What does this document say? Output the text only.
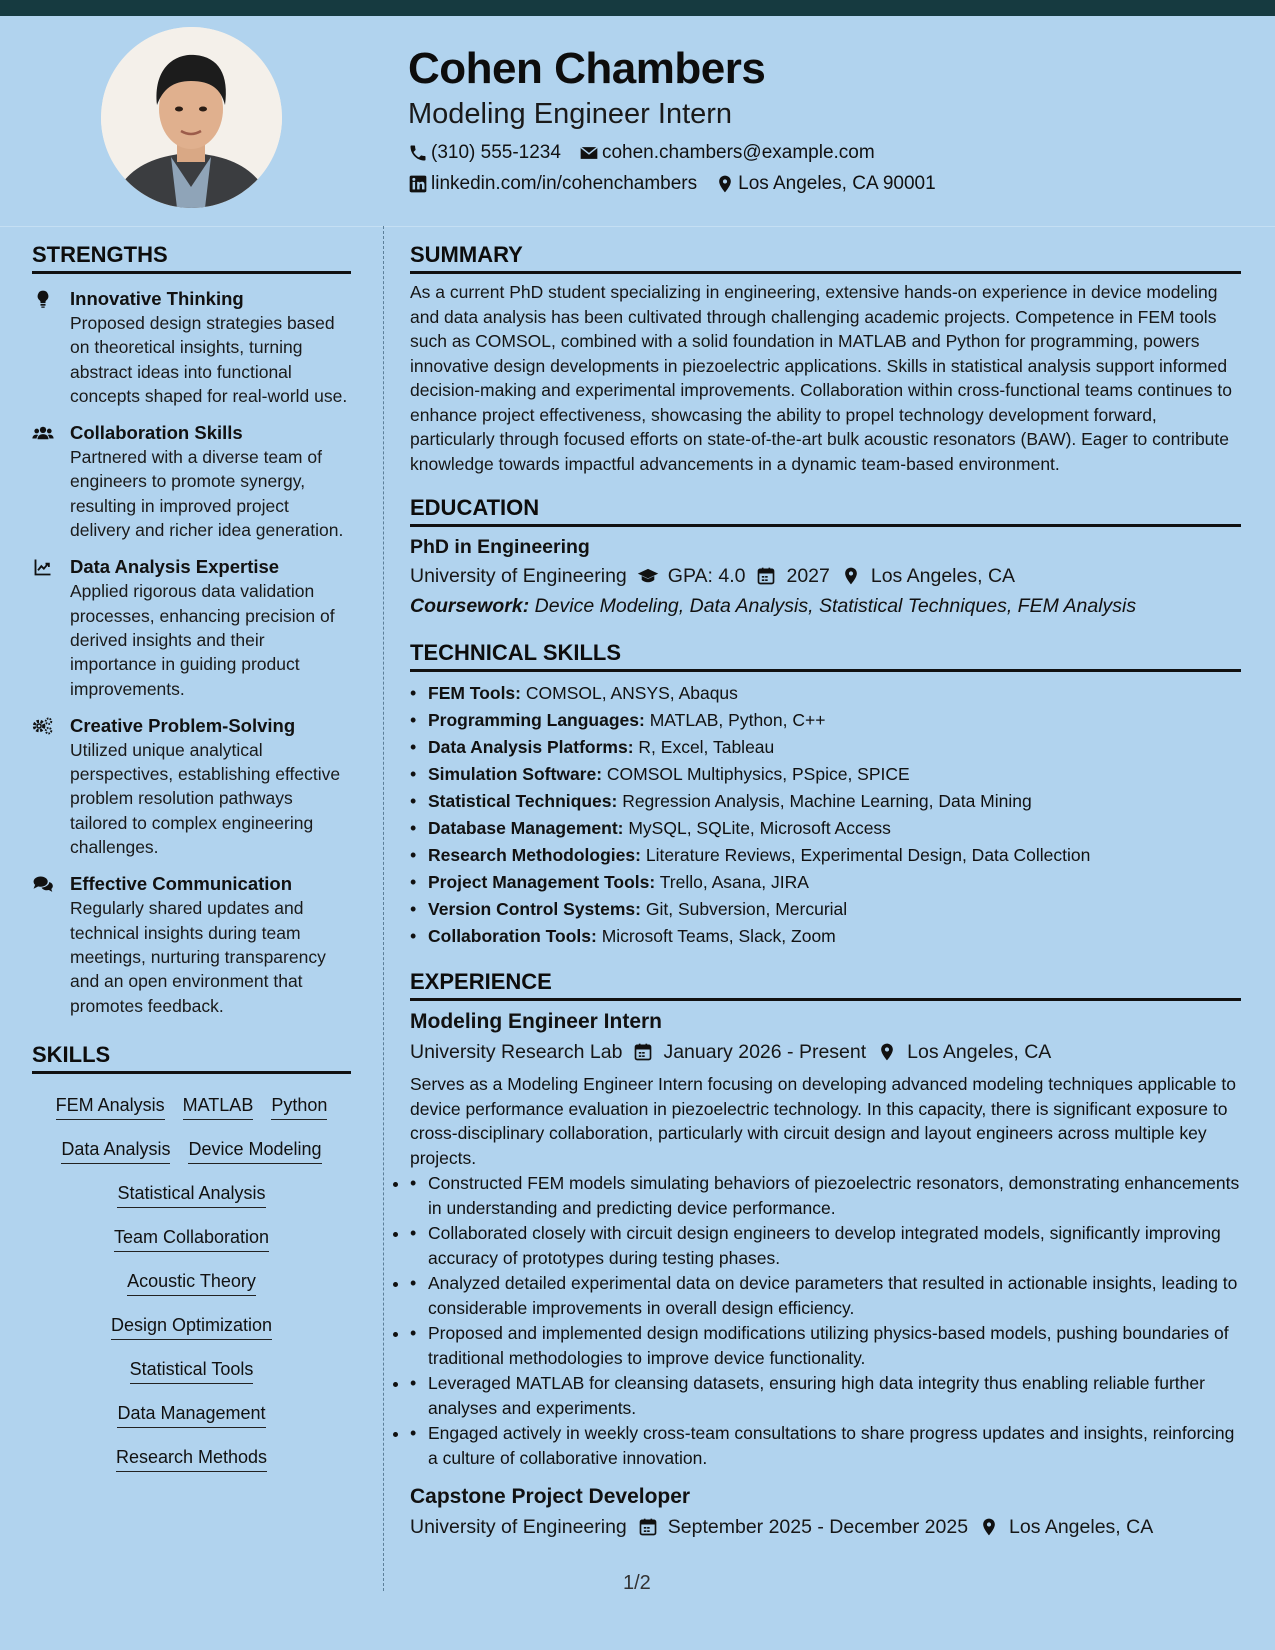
Cohen Chambers
Modeling Engineer Intern
(310) 555-1234 cohen.chambers@example.com
linkedin.com/in/cohenchambers Los Angeles, CA 90001
STRENGTHS
Innovative Thinking
Proposed design strategies based on theoretical insights, turning abstract ideas into functional concepts shaped for real-world use.
Collaboration Skills
Partnered with a diverse team of engineers to promote synergy, resulting in improved project delivery and richer idea generation.
Data Analysis Expertise
Applied rigorous data validation processes, enhancing precision of derived insights and their importance in guiding product improvements.
Creative Problem-Solving
Utilized unique analytical perspectives, establishing effective problem resolution pathways tailored to complex engineering challenges.
Effective Communication
Regularly shared updates and technical insights during team meetings, nurturing transparency and an open environment that promotes feedback.
SKILLS
FEM Analysis MATLAB Python
Data Analysis Device Modeling
Statistical Analysis
Team Collaboration
Acoustic Theory
Design Optimization
Statistical Tools
Data Management
Research Methods
SUMMARY
As a current PhD student specializing in engineering, extensive hands-on experience in device modeling and data analysis has been cultivated through challenging academic projects. Competence in FEM tools such as COMSOL, combined with a solid foundation in MATLAB and Python for programming, powers innovative design developments in piezoelectric applications. Skills in statistical analysis support informed decision-making and experimental improvements. Collaboration within cross-functional teams continues to enhance project effectiveness, showcasing the ability to propel technology development forward, particularly through focused efforts on state-of-the-art bulk acoustic resonators (BAW). Eager to contribute knowledge towards impactful advancements in a dynamic team-based environment.
EDUCATION
PhD in Engineering
University of Engineering GPA: 4.0 2027 Los Angeles, CA
Coursework: Device Modeling, Data Analysis, Statistical Techniques, FEM Analysis
TECHNICAL SKILLS
• FEM Tools: COMSOL, ANSYS, Abaqus
• Programming Languages: MATLAB, Python, C++
• Data Analysis Platforms: R, Excel, Tableau
• Simulation Software: COMSOL Multiphysics, PSpice, SPICE
• Statistical Techniques: Regression Analysis, Machine Learning, Data Mining
• Database Management: MySQL, SQLite, Microsoft Access
• Research Methodologies: Literature Reviews, Experimental Design, Data Collection
• Project Management Tools: Trello, Asana, JIRA
• Version Control Systems: Git, Subversion, Mercurial
• Collaboration Tools: Microsoft Teams, Slack, Zoom
EXPERIENCE
Modeling Engineer Intern
University Research Lab January 2026 - Present Los Angeles, CA
Serves as a Modeling Engineer Intern focusing on developing advanced modeling techniques applicable to device performance evaluation in piezoelectric technology. In this capacity, there is significant exposure to cross-disciplinary collaboration, particularly with circuit design and layout engineers across multiple key projects.
• • Constructed FEM models simulating behaviors of piezoelectric resonators, demonstrating enhancements in understanding and predicting device performance.
• • Collaborated closely with circuit design engineers to develop integrated models, significantly improving accuracy of prototypes during testing phases.
• • Analyzed detailed experimental data on device parameters that resulted in actionable insights, leading to considerable improvements in overall design efficiency.
• • Proposed and implemented design modifications utilizing physics-based models, pushing boundaries of traditional methodologies to improve device functionality.
• • Leveraged MATLAB for cleansing datasets, ensuring high data integrity thus enabling reliable further analyses and experiments.
• • Engaged actively in weekly cross-team consultations to share progress updates and insights, reinforcing a culture of collaborative innovation.
Capstone Project Developer
University of Engineering September 2025 - December 2025 Los Angeles, CA
1/2
